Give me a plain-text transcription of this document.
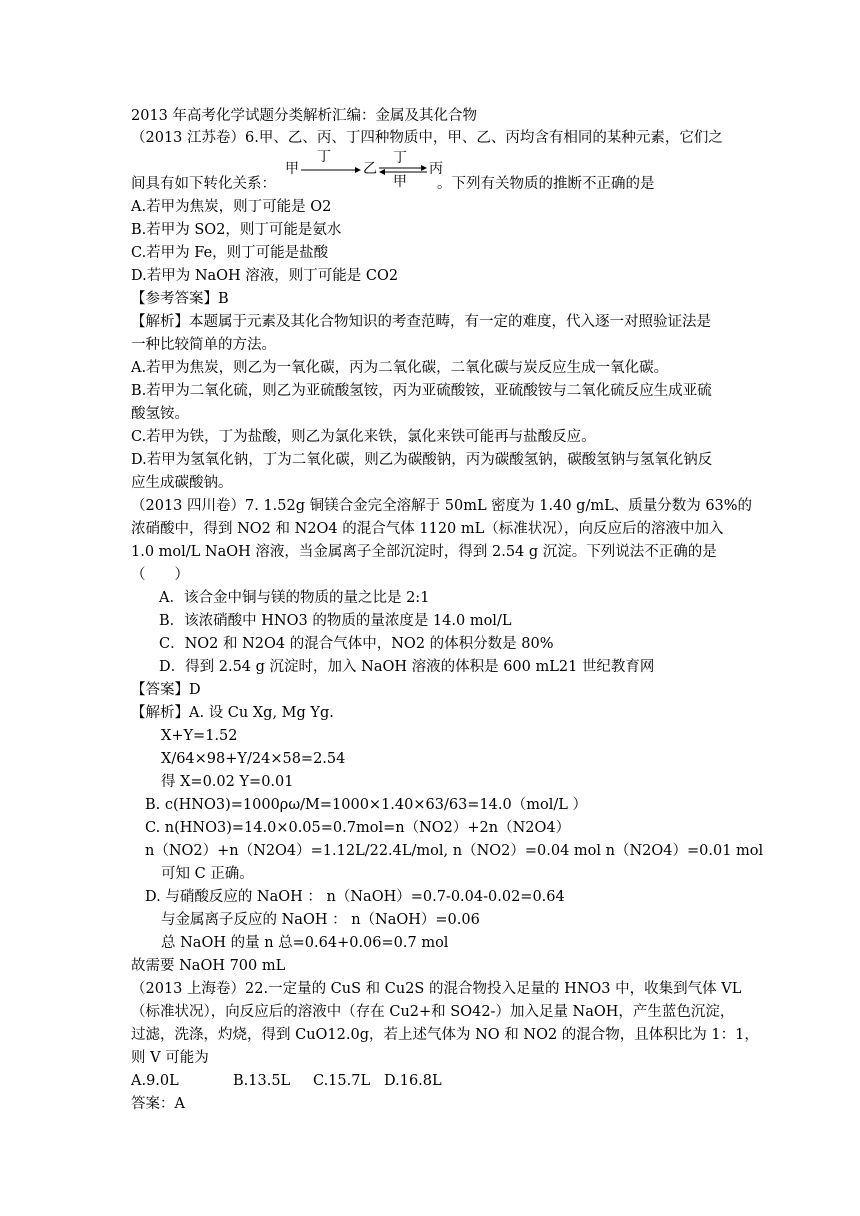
2013 年高考化学试题分类解析汇编：金属及其化合物
（2013 江苏卷）6.甲、乙、丙、丁四种物质中，甲、乙、丙均含有相同的某种元素，它们之
间具有如下转化关系：
甲
丁
乙
丁
甲
丙
。下列有关物质的推断不正确的是
A.若甲为焦炭，则丁可能是 O2
B.若甲为 SO2，则丁可能是氨水
C.若甲为 Fe，则丁可能是盐酸
D.若甲为 NaOH 溶液，则丁可能是 CO2
【参考答案】B
【解析】本题属于元素及其化合物知识的考查范畴，有一定的难度，代入逐一对照验证法是
一种比较简单的方法。
A.若甲为焦炭，则乙为一氧化碳，丙为二氧化碳，二氧化碳与炭反应生成一氧化碳。
B.若甲为二氧化硫，则乙为亚硫酸氢铵，丙为亚硫酸铵，亚硫酸铵与二氧化硫反应生成亚硫
酸氢铵。
C.若甲为铁，丁为盐酸，则乙为氯化来铁，氯化来铁可能再与盐酸反应。
D.若甲为氢氧化钠，丁为二氧化碳，则乙为碳酸钠，丙为碳酸氢钠，碳酸氢钠与氢氧化钠反
应生成碳酸钠。
（2013 四川卷）7. 1.52g 铜镁合金完全溶解于 50mL 密度为 1.40 g/mL、质量分数为 63%的
浓硝酸中，得到 NO2 和 N2O4 的混合气体 1120 mL（标准状况），向反应后的溶液中加入
1.0 mol/L NaOH 溶液，当金属离子全部沉淀时，得到 2.54 g 沉淀。下列说法不正确的是
（　　）
A．该合金中铜与镁的物质的量之比是 2:1
B．该浓硝酸中 HNO3 的物质的量浓度是 14.0 mol/L
C．NO2 和 N2O4 的混合气体中，NO2 的体积分数是 80%
D．得到 2.54 g 沉淀时，加入 NaOH 溶液的体积是 600 mL21 世纪教育网
【答案】D
【解析】A. 设 Cu Xg, Mg Yg.
X+Y=1.52
X/64×98+Y/24×58=2.54
得 X=0.02 Y=0.01
B. c(HNO3)=1000ρω/M=1000×1.40×63/63=14.0（mol/L ）
C. n(HNO3)=14.0×0.05=0.7mol=n（NO2）+2n（N2O4）
n（NO2）+n（N2O4）=1.12L/22.4L/mol, n（NO2）=0.04 mol n（N2O4）=0.01 mol
可知 C 正确。
D. 与硝酸反应的 NaOH ： n（NaOH）=0.7-0.04-0.02=0.64
与金属离子反应的 NaOH ： n（NaOH）=0.06
总 NaOH 的量 n 总=0.64+0.06=0.7 mol
故需要 NaOH 700 mL
（2013 上海卷）22.一定量的 CuS 和 Cu2S 的混合物投入足量的 HNO3 中，收集到气体 VL
（标准状况），向反应后的溶液中（存在 Cu2+和 SO42-）加入足量 NaOH，产生蓝色沉淀，
过滤，洗涤，灼烧，得到 CuO12.0g，若上述气体为 NO 和 NO2 的混合物，且体积比为 1：1，
则 V 可能为
A.9.0L	B.13.5L C.15.7L D.16.8L
答案：A
